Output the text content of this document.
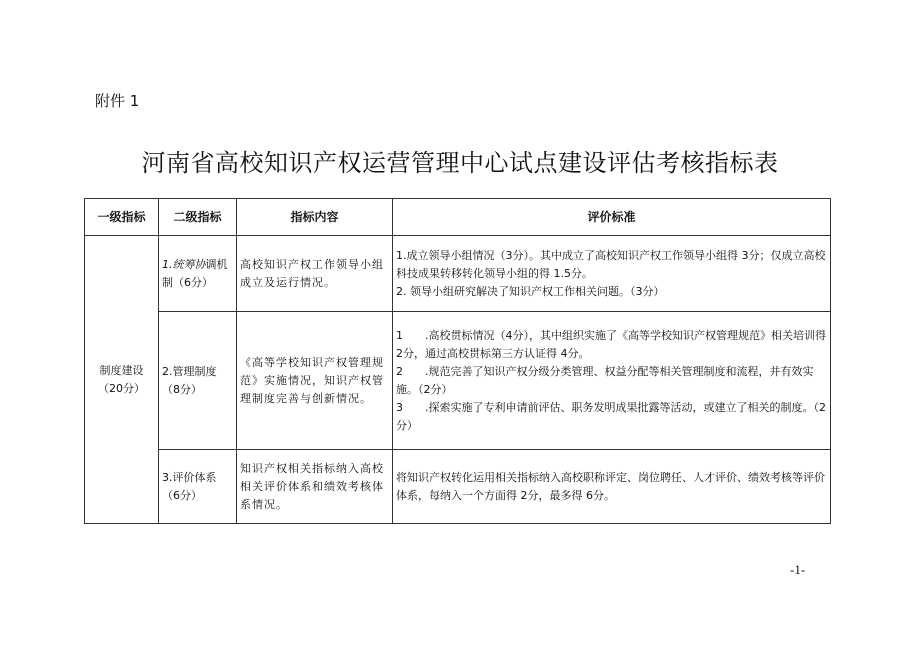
附件 1
河南省高校知识产权运营管理中心试点建设评估考核指标表
一级指标	二级指标	指标内容	评价标准
制度建设（20分）	1.统筹协调机制（6分）	高校知识产权工作领导小组成立及运行情况。	1.成立领导小组情况（3分）。其中成立了高校知识产权工作领导小组得 3分；仅成立高校科技成果转移转化领导小组的得 1.5分。

2. 领导小组研究解决了知识产权工作相关问题。（3分）

	2.管理制度（8分）	《高等学校知识产权管理规范》实施情况，知识产权管理制度完善与创新情况。	1　　.高校贯标情况（4分），其中组织实施了《高等学校知识产权管理规范》相关培训得 2分，通过高校贯标第三方认证得 4分。

2　　.规范完善了知识产权分级分类管理、权益分配等相关管理制度和流程，并有效实施。（2分）

3　　.探索实施了专利申请前评估、职务发明成果批露等活动，或建立了相关的制度。（2分）

	3.评价体系（6分）	知识产权相关指标纳入高校相关评价体系和绩效考核体系情况。	将知识产权转化运用相关指标纳入高校职称评定、岗位聘任、人才评价、绩效考核等评价体系，每纳入一个方面得 2分，最多得 6分。

-1-
